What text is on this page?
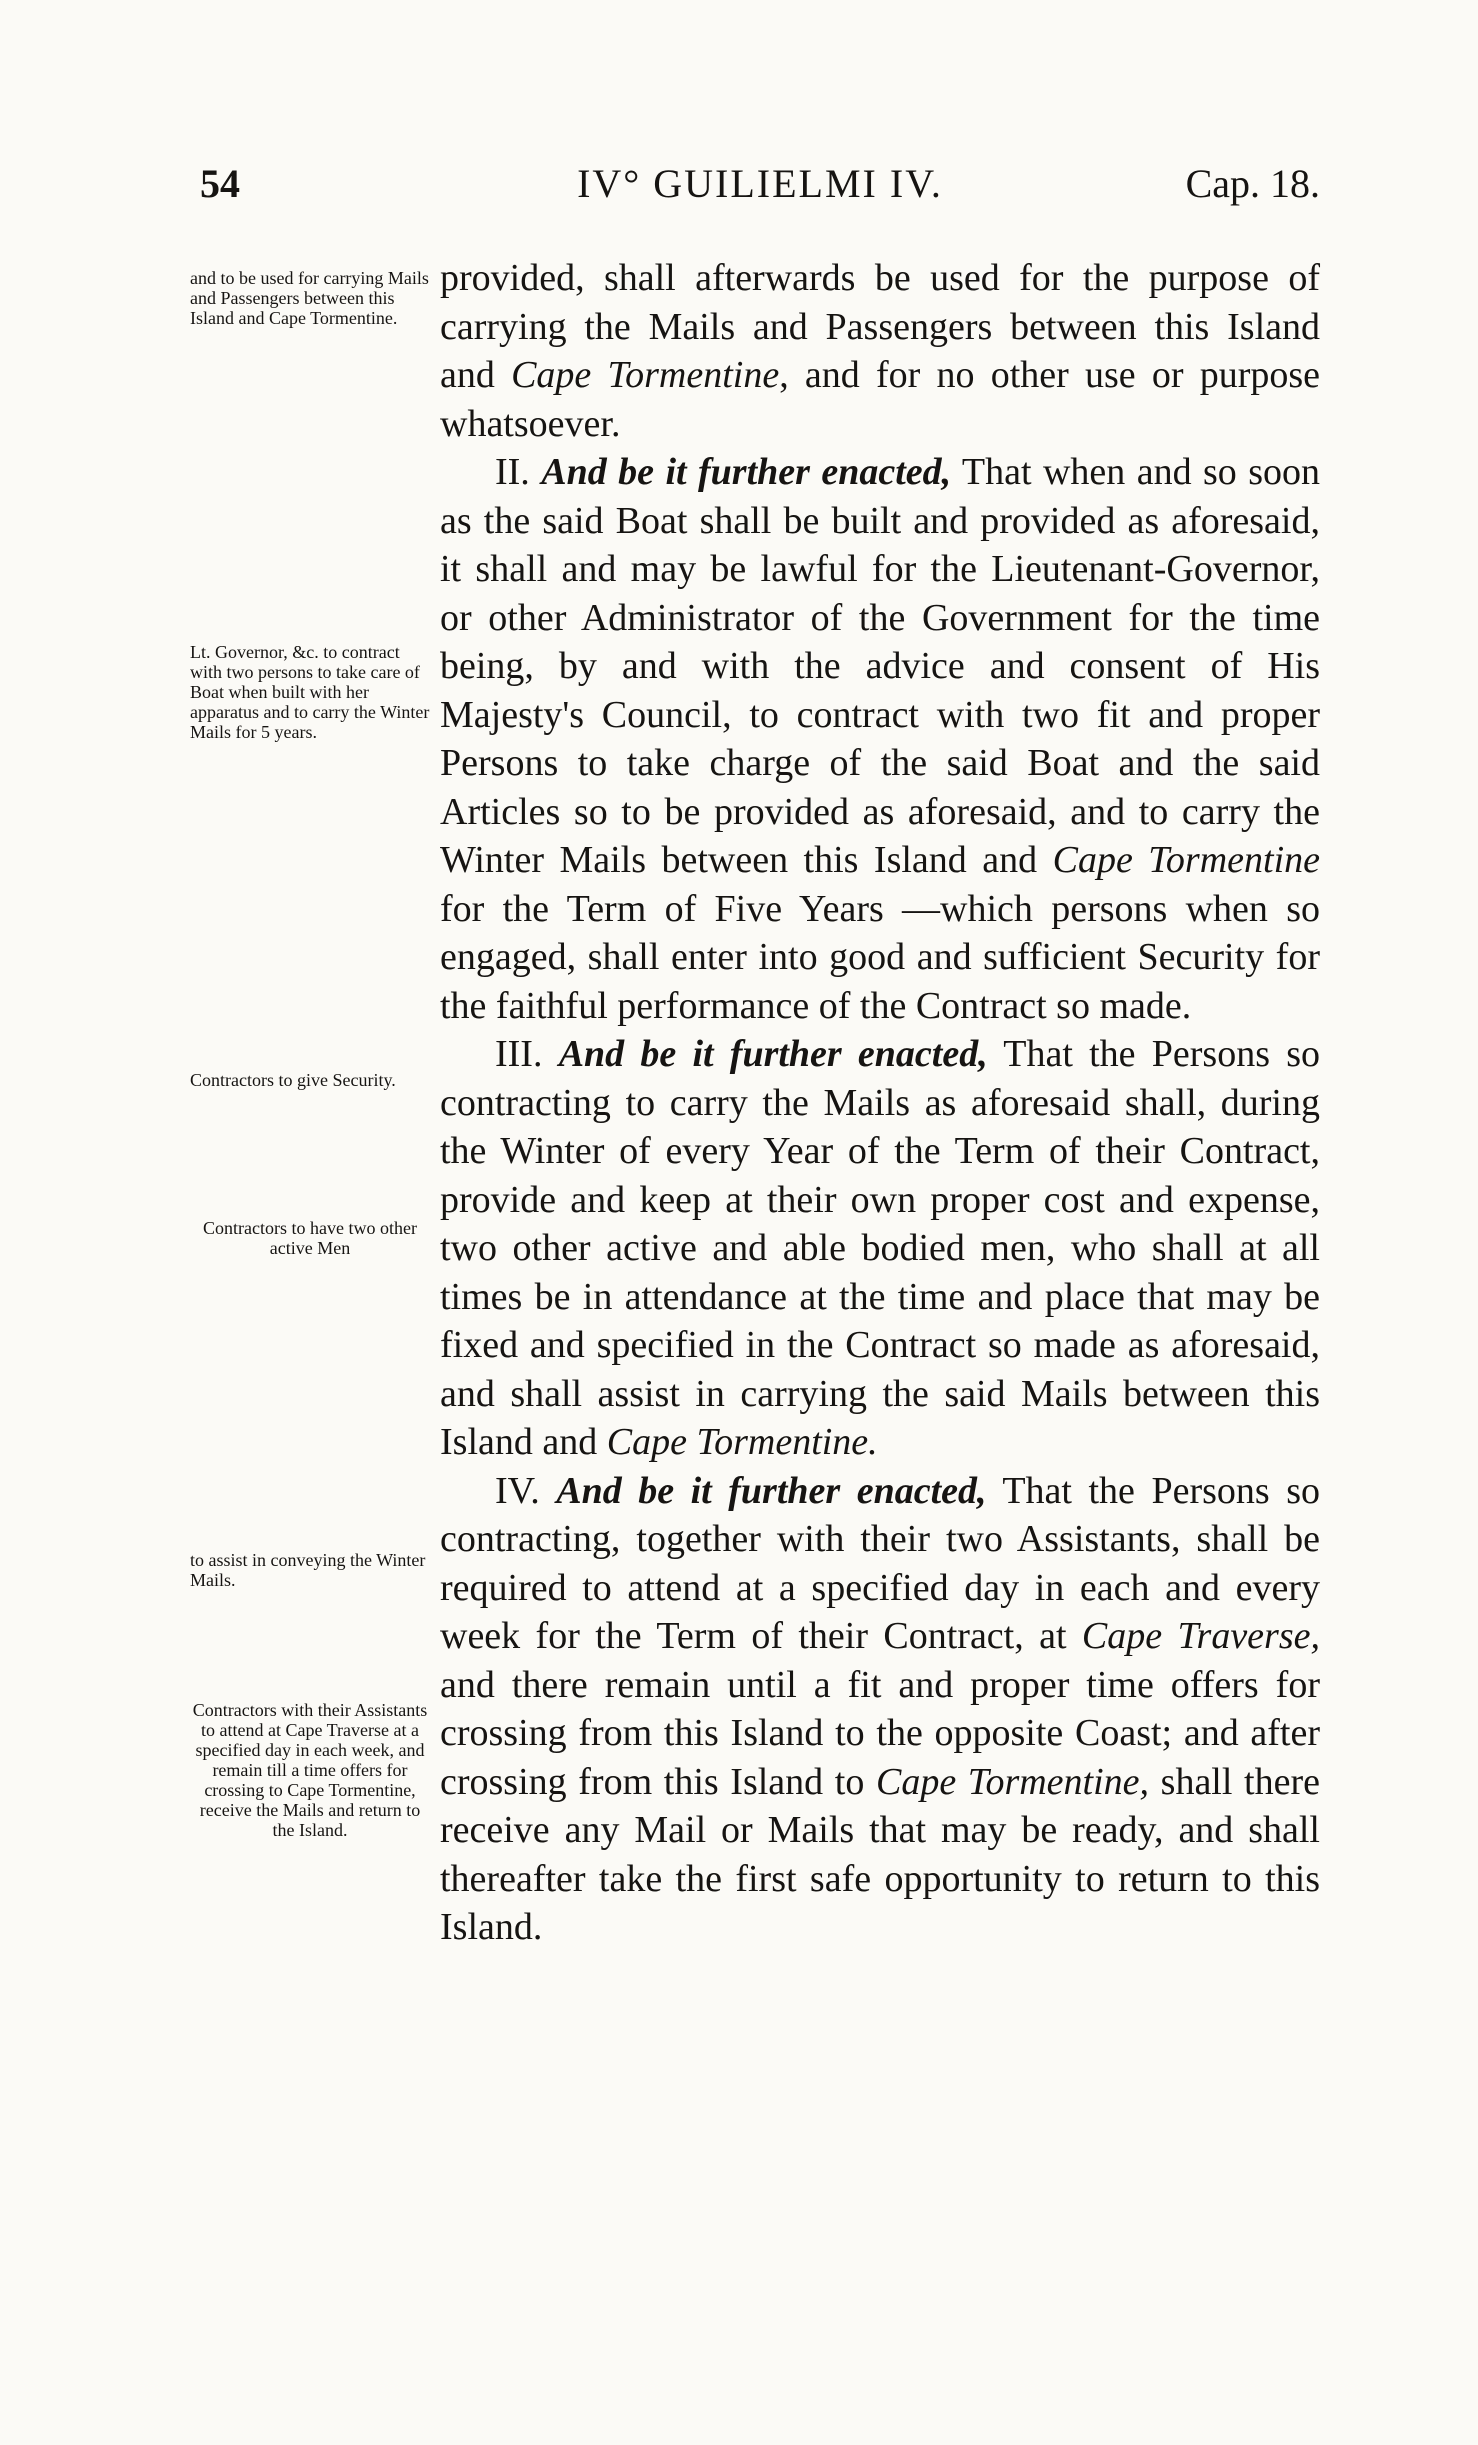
54	IV° GUILIELMI IV.	Cap. 18.
and to be used for carrying Mails and Passengers between this Island and Cape Tormentine.
Lt. Governor, &c. to contract with two persons to take care of Boat when built with her apparatus and to carry the Winter Mails for 5 years.
Contractors to give Security.
Contractors to have two other active Men
to assist in conveying the Winter Mails.
Contractors with their Assistants to attend at Cape Traverse at a specified day in each week, and remain till a time offers for crossing to Cape Tormentine, receive the Mails and return to the Island.

provided, shall afterwards be used for the purpose of carrying the Mails and Passengers between this Island and Cape Tormentine, and for no other use or purpose whatsoever.

II. And be it further enacted, That when and so soon as the said Boat shall be built and provided as aforesaid, it shall and may be lawful for the Lieutenant-Governor, or other Administrator of the Government for the time being, by and with the advice and consent of His Majesty's Council, to contract with two fit and proper Persons to take charge of the said Boat and the said Articles so to be provided as aforesaid, and to carry the Winter Mails between this Island and Cape Tormentine for the Term of Five Years —which persons when so engaged, shall enter into good and sufficient Security for the faithful performance of the Contract so made.

III. And be it further enacted, That the Persons so contracting to carry the Mails as aforesaid shall, during the Winter of every Year of the Term of their Contract, provide and keep at their own proper cost and expense, two other active and able bodied men, who shall at all times be in attendance at the time and place that may be fixed and specified in the Contract so made as aforesaid, and shall assist in carrying the said Mails between this Island and Cape Tormentine.

IV. And be it further enacted, That the Persons so contracting, together with their two Assistants, shall be required to attend at a specified day in each and every week for the Term of their Contract, at Cape Traverse, and there remain until a fit and proper time offers for crossing from this Island to the opposite Coast; and after crossing from this Island to Cape Tormentine, shall there receive any Mail or Mails that may be ready, and shall thereafter take the first safe opportunity to return to this Island.
